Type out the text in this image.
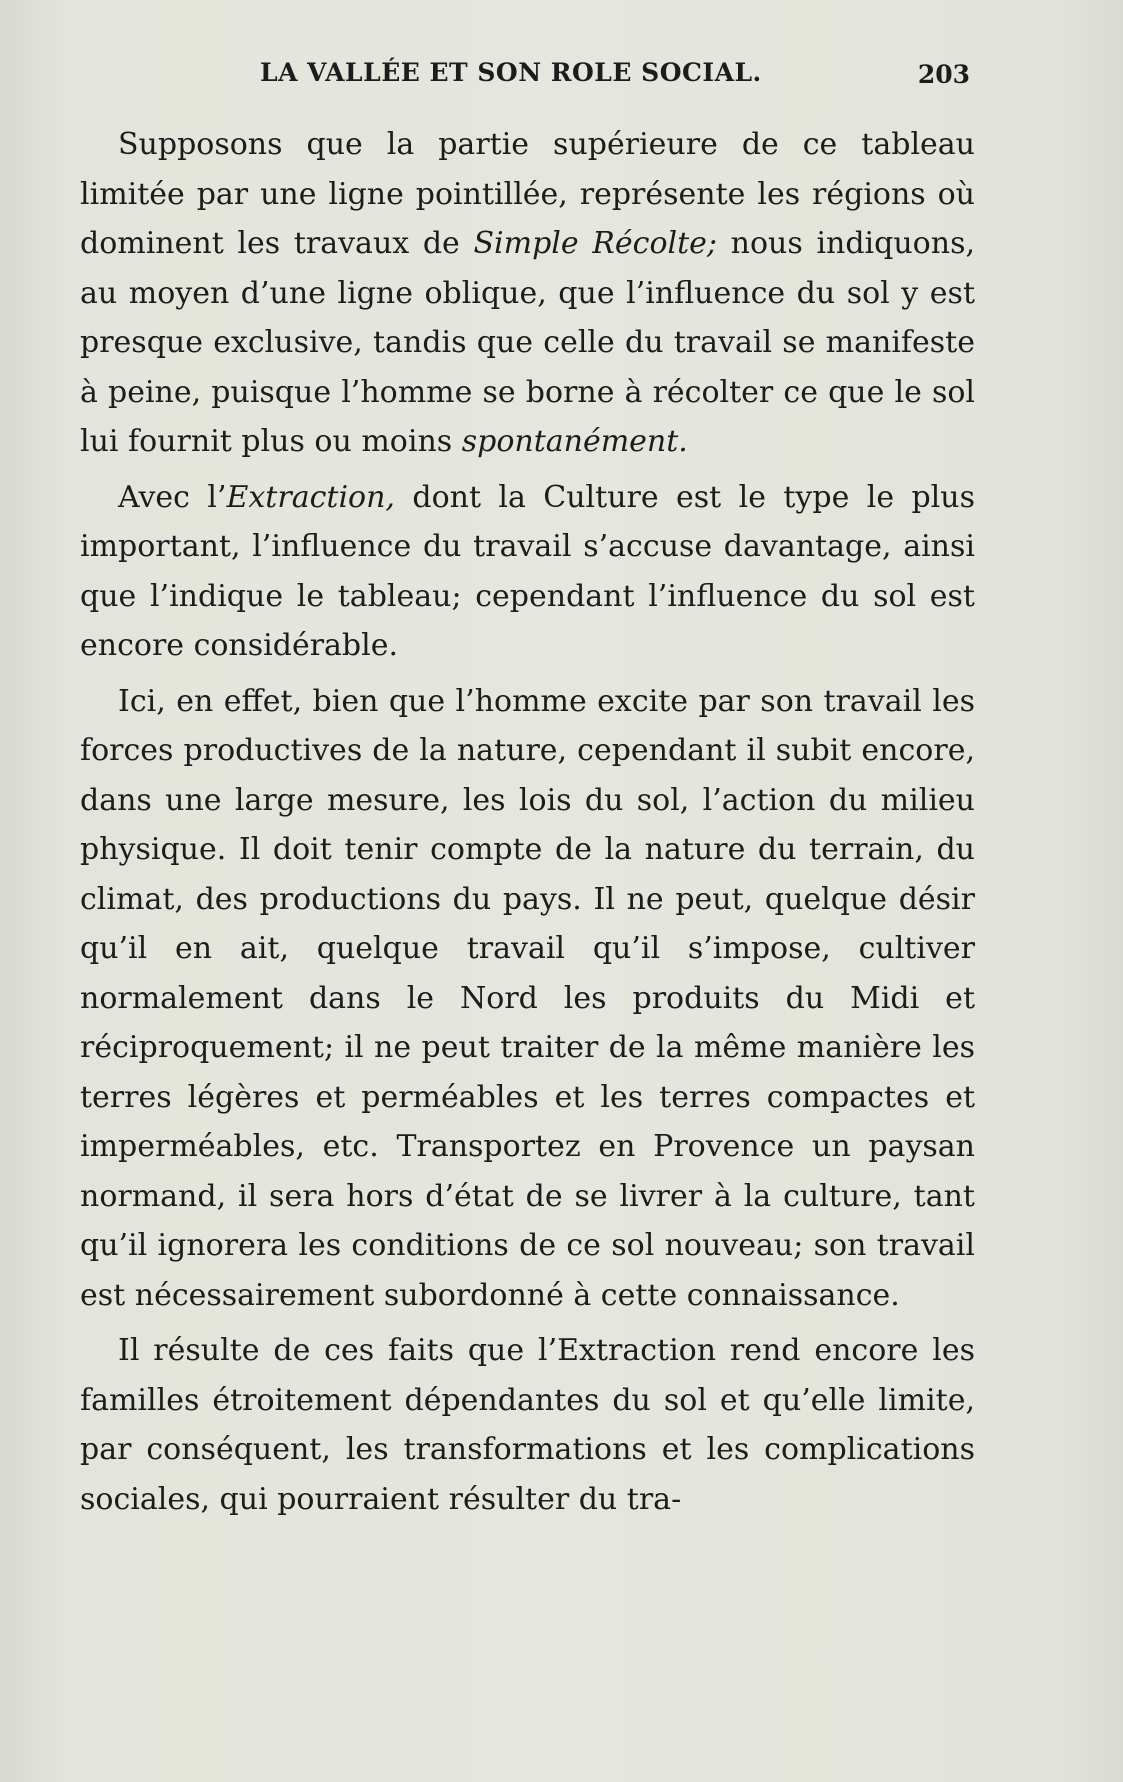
LA VALLÉE ET SON ROLE SOCIAL.	203

Supposons que la partie supérieure de ce tableau limitée par une ligne pointillée, représente les régions où dominent les travaux de Simple Récolte; nous indiquons, au moyen d’une ligne oblique, que l’influence du sol y est presque exclusive, tandis que celle du travail se manifeste à peine, puisque l’homme se borne à récolter ce que le sol lui fournit plus ou moins spontanément.

Avec l’Extraction, dont la Culture est le type le plus important, l’influence du travail s’accuse davantage, ainsi que l’indique le tableau; cependant l’influence du sol est encore considérable.

Ici, en effet, bien que l’homme excite par son travail les forces productives de la nature, cependant il subit encore, dans une large mesure, les lois du sol, l’action du milieu physique. Il doit tenir compte de la nature du terrain, du climat, des productions du pays. Il ne peut, quelque désir qu’il en ait, quelque travail qu’il s’impose, cultiver normalement dans le Nord les produits du Midi et réciproquement; il ne peut traiter de la même manière les terres légères et perméables et les terres compactes et imperméables, etc. Transportez en Provence un paysan normand, il sera hors d’état de se livrer à la culture, tant qu’il ignorera les conditions de ce sol nouveau; son travail est nécessairement subordonné à cette connaissance.

Il résulte de ces faits que l’Extraction rend encore les familles étroitement dépendantes du sol et qu’elle limite, par conséquent, les transformations et les complications sociales, qui pourraient résulter du tra-
